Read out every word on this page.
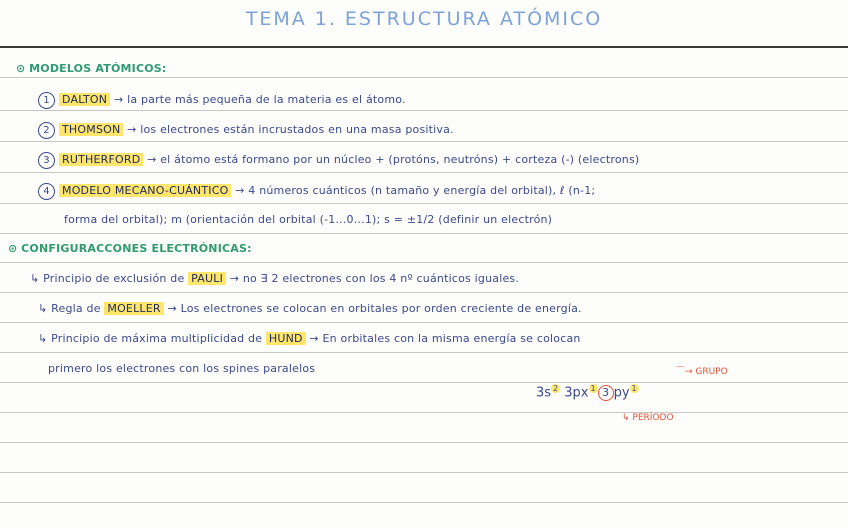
TEMA 1. ESTRUCTURA ATÓMICO
⊙ MODELOS ATÓMICOS:
1 DALTON → la parte más pequeña de la materia es el átomo.
2 THOMSON → los electrones están incrustados en una masa positiva.
3 RUTHERFORD → el átomo está formano por un núcleo + (protóns, neutróns) + corteza (-) (electrons)
4 MODELO MECANO-CUÁNTICO → 4 números cuánticos (n tamaño y energía del orbital), ℓ (n-1;
forma del orbital); m (orientación del orbital (-1...0...1); s = ±1/2 (definir un electrón)
⊙ CONFIGURACCONES ELECTRÓNICAS:
↳ Principio de exclusión de PAULI → no ∃ 2 electrones con los 4 nº cuánticos iguales.
↳ Regla de MOELLER → Los electrones se colocan en orbitales por orden creciente de energía.
↳ Principio de máxima multiplicidad de HUND → En orbitales con la misma energía se colocan
primero los electrones con los spines paralelos
3s $^2$ 3px $^1$ 3 py $^1$
⌒→ GRUPO
↳ PERÍODO
